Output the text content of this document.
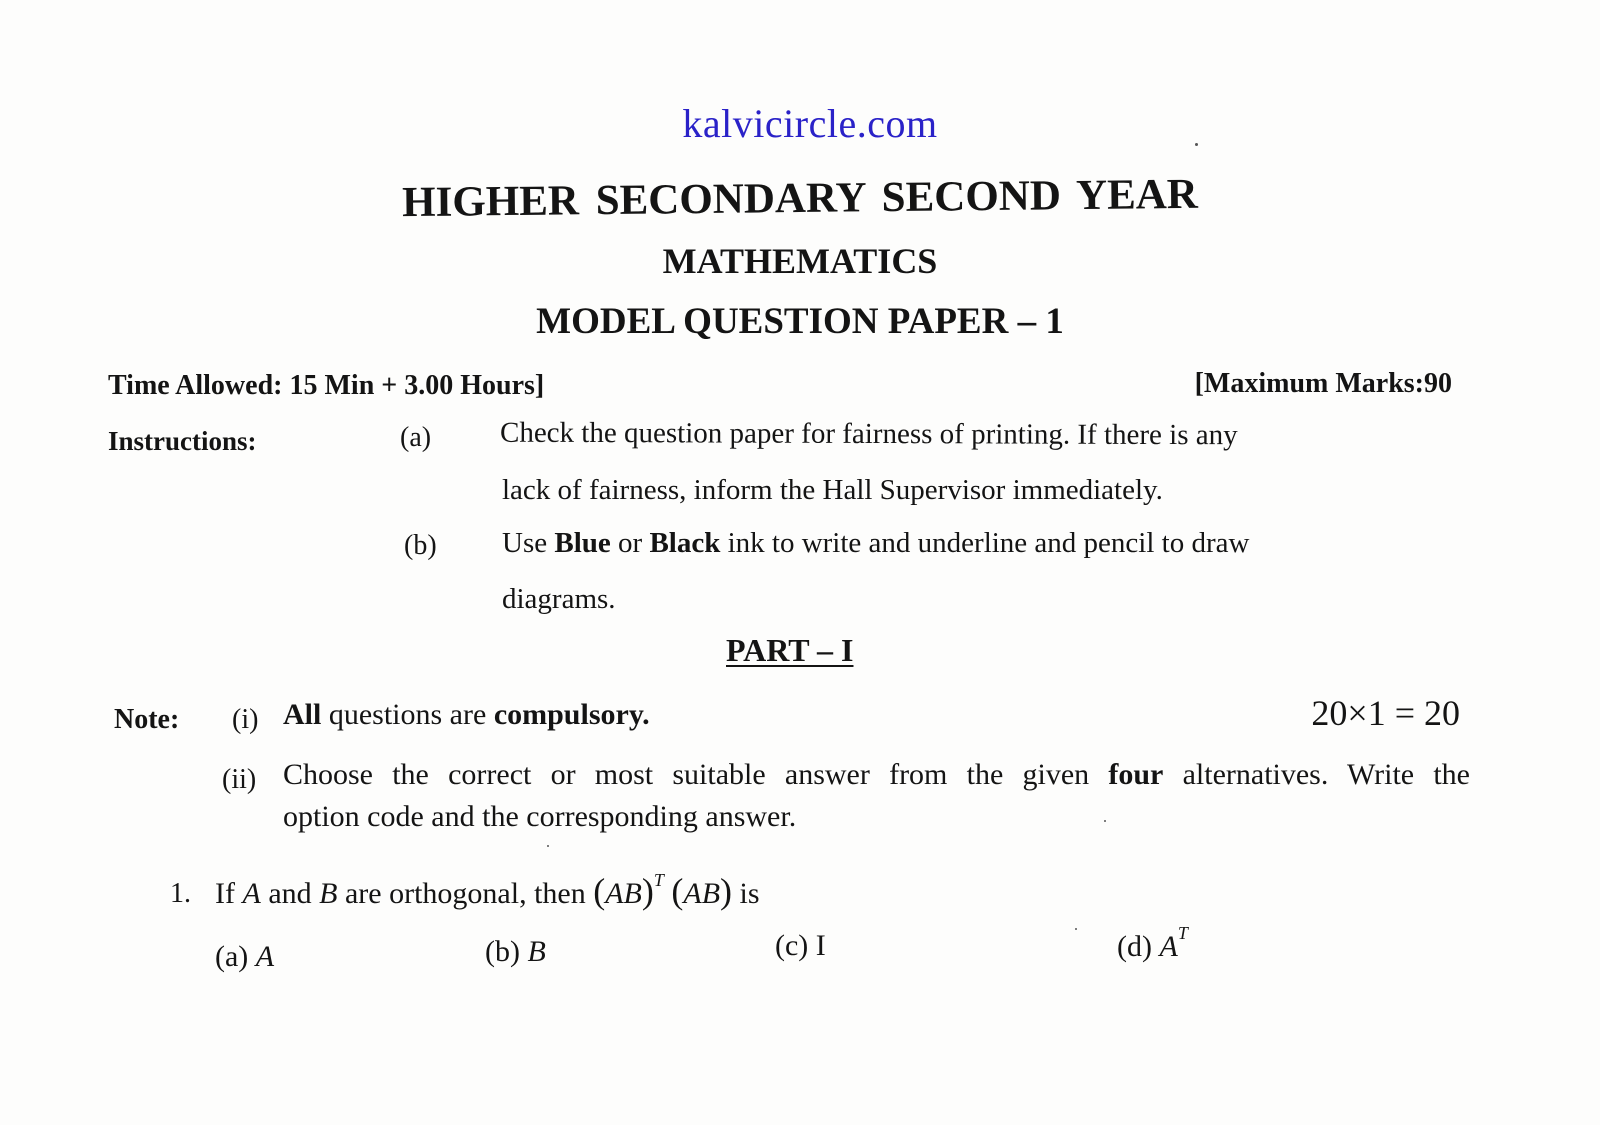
kalvicircle.com
HIGHER SECONDARY SECOND YEAR
MATHEMATICS
MODEL QUESTION PAPER – 1
Time Allowed: 15 Min + 3.00 Hours]	[Maximum Marks:90
Instructions:	(a) Check the question paper for fairness of printing. If there is any
lack of fairness, inform the Hall Supervisor immediately.
(b) Use Blue or Black ink to write and underline and pencil to draw
diagrams.
PART – I
Note: (i) All questions are compulsory.	20×1 = 20
(ii) Choose the correct or most suitable answer from the given four alternatives. Write the
option code and the corresponding answer.
1. If A and B are orthogonal, then (AB)$^T$ (AB) is
(a) A	(b) B	(c) I	(d) $A^T$
